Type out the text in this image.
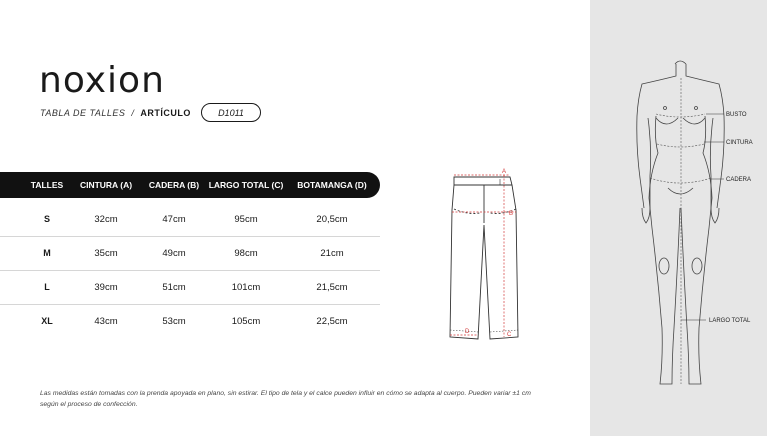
noxion
TABLA DE TALLES / ARTÍCULO	D1011
TALLES CINTURA (A) CADERA (B) LARGO TOTAL (C) BOTAMANGA (D)
S	32cm	47cm	95cm	20,5cm
M	35cm	49cm	98cm	21cm
L	39cm	51cm	101cm	21,5cm
XL	43cm	53cm	105cm	22,5cm
A
B
C
D
BUSTO
CINTURA
CADERA
LARGO TOTAL
Las medidas están tomadas con la prenda apoyada en plano, sin estirar. El tipo de tela y el calce pueden influir en cómo se adapta al cuerpo. Pueden variar ±1 cm según el proceso de confección.
